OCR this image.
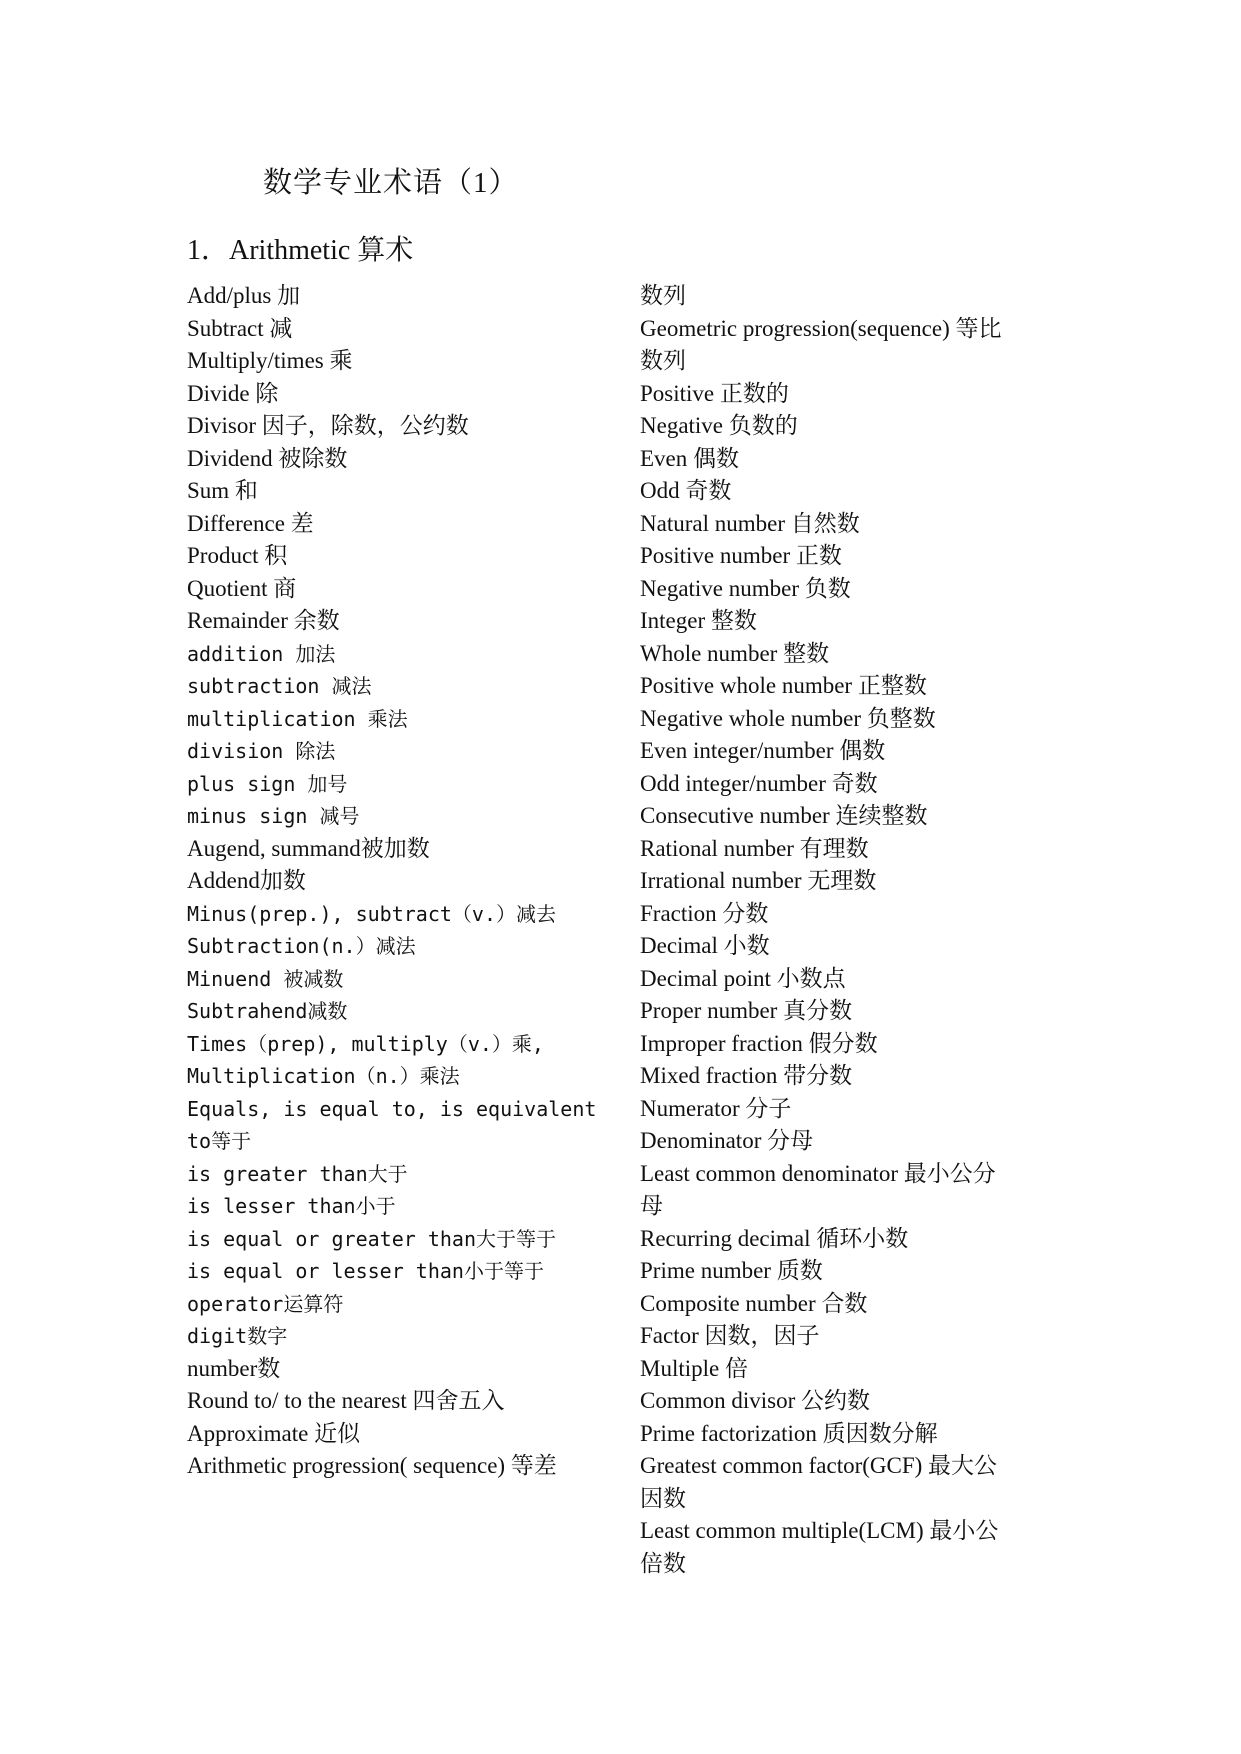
数学专业术语（1）
1．Arithmetic 算术
Add/plus 加
Subtract 减
Multiply/times 乘
Divide 除
Divisor 因子，除数，公约数
Dividend 被除数
Sum 和
Difference 差
Product 积
Quotient 商
Remainder 余数
addition 加法
subtraction 减法
multiplication 乘法
division 除法
plus sign 加号
minus sign 减号
Augend, summand被加数
Addend加数
Minus(prep.), subtract（v.）减去
Subtraction(n.）减法
Minuend 被减数
Subtrahend减数
Times（prep), multiply（v.）乘,
Multiplication（n.）乘法
Equals, is equal to, is equivalent
to等于
is greater than大于
is lesser than小于
is equal or greater than大于等于
is equal or lesser than小于等于
operator运算符
digit数字
number数
Round to/ to the nearest 四舍五入
Approximate 近似
Arithmetic progression( sequence) 等差
数列
Geometric progression(sequence) 等比
数列
Positive 正数的
Negative 负数的
Even 偶数
Odd 奇数
Natural number 自然数
Positive number 正数
Negative number 负数
Integer 整数
Whole number 整数
Positive whole number 正整数
Negative whole number 负整数
Even integer/number 偶数
Odd integer/number 奇数
Consecutive number 连续整数
Rational number 有理数
Irrational number 无理数
Fraction 分数
Decimal 小数
Decimal point 小数点
Proper number 真分数
Improper fraction 假分数
Mixed fraction 带分数
Numerator 分子
Denominator 分母
Least common denominator 最小公分
母
Recurring decimal 循环小数
Prime number 质数
Composite number 合数
Factor 因数，因子
Multiple 倍
Common divisor 公约数
Prime factorization 质因数分解
Greatest common factor(GCF) 最大公
因数
Least common multiple(LCM) 最小公
倍数
